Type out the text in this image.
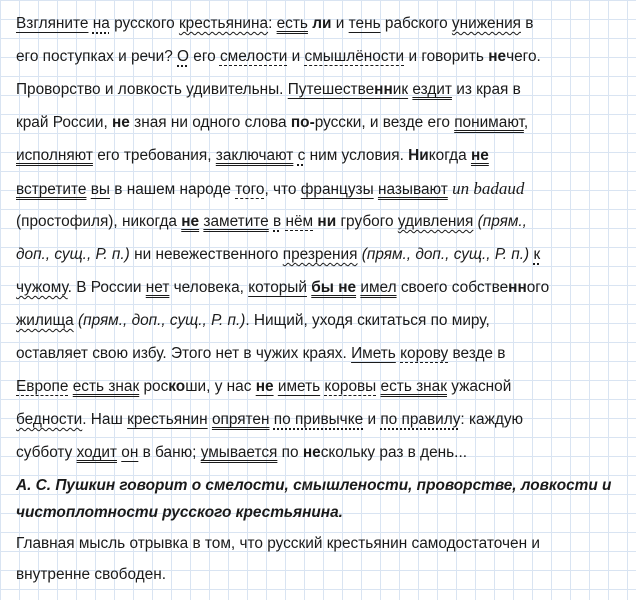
Взгляните на русского крестьянина: есть ли и тень рабского унижения в
его поступках и речи? О его смелости и смышлёности и говорить нечего.
Проворство и ловкость удивительны. Путешественник ездит из края в
край России, не зная ни одного слова по-русски, и везде его понимают,
исполняют его требования, заключают с ним условия. Никогда не
встретите вы в нашем народе того, что французы называют un badaud
(простофиля), никогда не заметите в нём ни грубого удивления (прям.,
доп., сущ., Р. п.) ни невежественного презрения (прям., доп., сущ., Р. п.) к
чужому. В России нет человека, который бы не имел своего собственного
жилища (прям., доп., сущ., Р. п.). Нищий, уходя скитаться по миру,
оставляет свою избу. Этого нет в чужих краях. Иметь корову везде в
Европе есть знак роскоши, у нас не иметь коровы есть знак ужасной
бедности. Наш крестьянин опрятен по привычке и по правилу: каждую
субботу ходит он в баню; умывается по нескольку раз в день...
А. С. Пушкин говорит о смелости, смышлености, проворстве, ловкости и
чистоплотности русского крестьянина.
Главная мысль отрывка в том, что русский крестьянин самодостаточен и
внутренне свободен.
